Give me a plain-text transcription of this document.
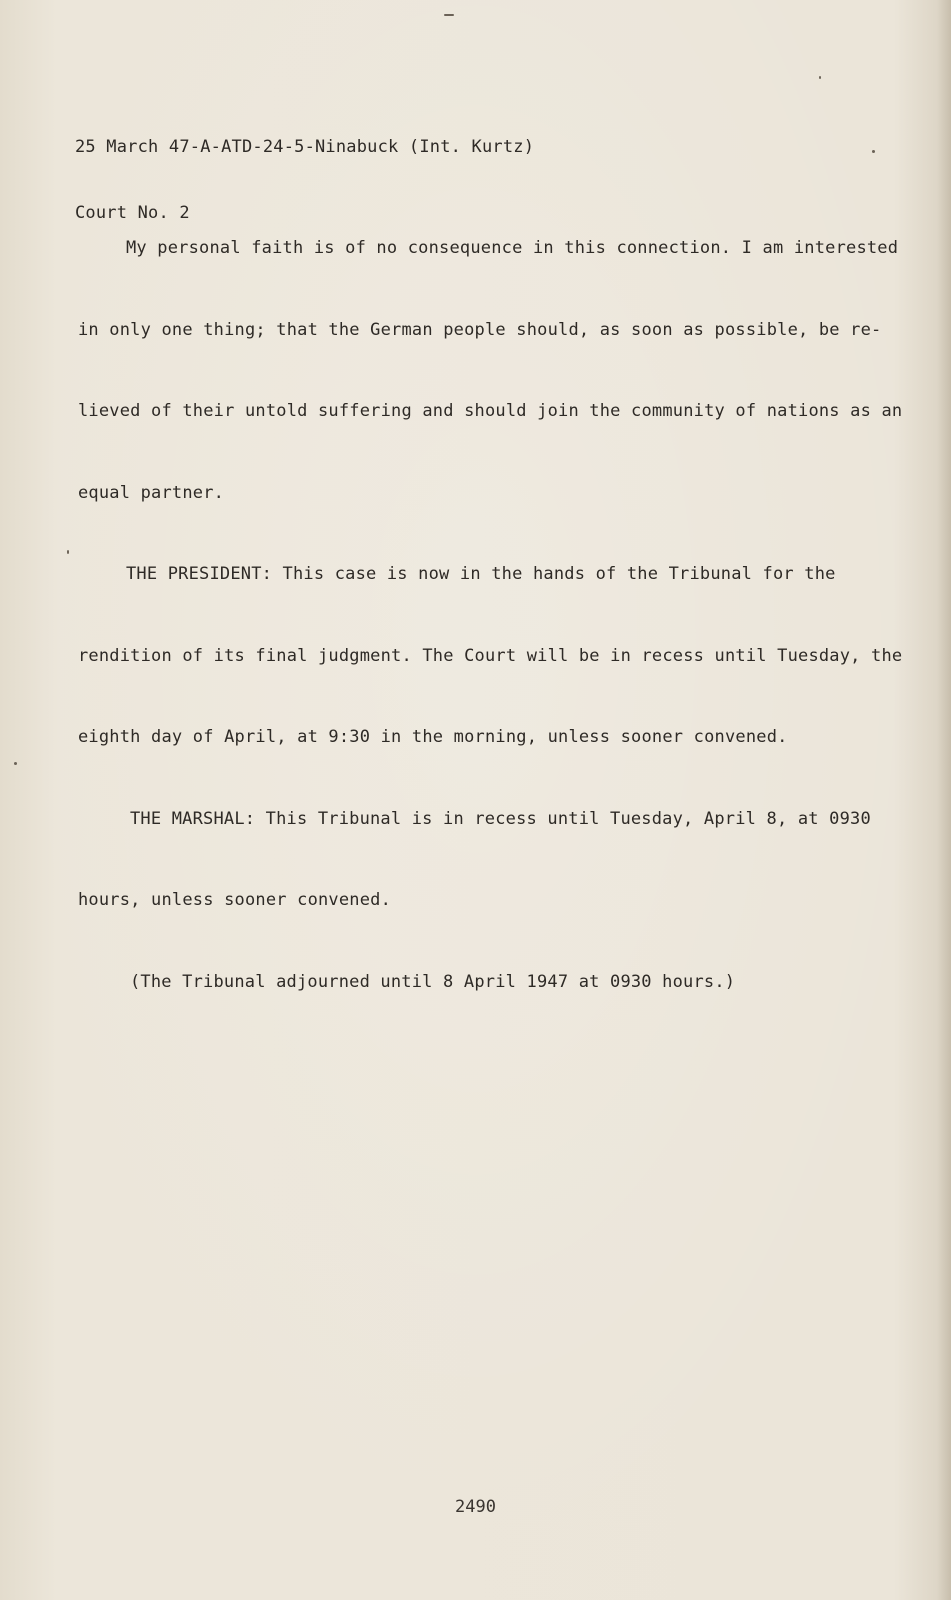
25 March 47-A-ATD-24-5-Ninabuck (Int. Kurtz)

Court No. 2

My personal faith is of no consequence in this connection. I am interested

in only one thing; that the German people should, as soon as possible, be re-

lieved of their untold suffering and should join the community of nations as an

equal partner.

THE PRESIDENT: This case is now in the hands of the Tribunal for the

rendition of its final judgment. The Court will be in recess until Tuesday, the

eighth day of April, at 9:30 in the morning, unless sooner convened.

THE MARSHAL: This Tribunal is in recess until Tuesday, April 8, at 0930

hours, unless sooner convened.

(The Tribunal adjourned until 8 April 1947 at 0930 hours.)

2490
